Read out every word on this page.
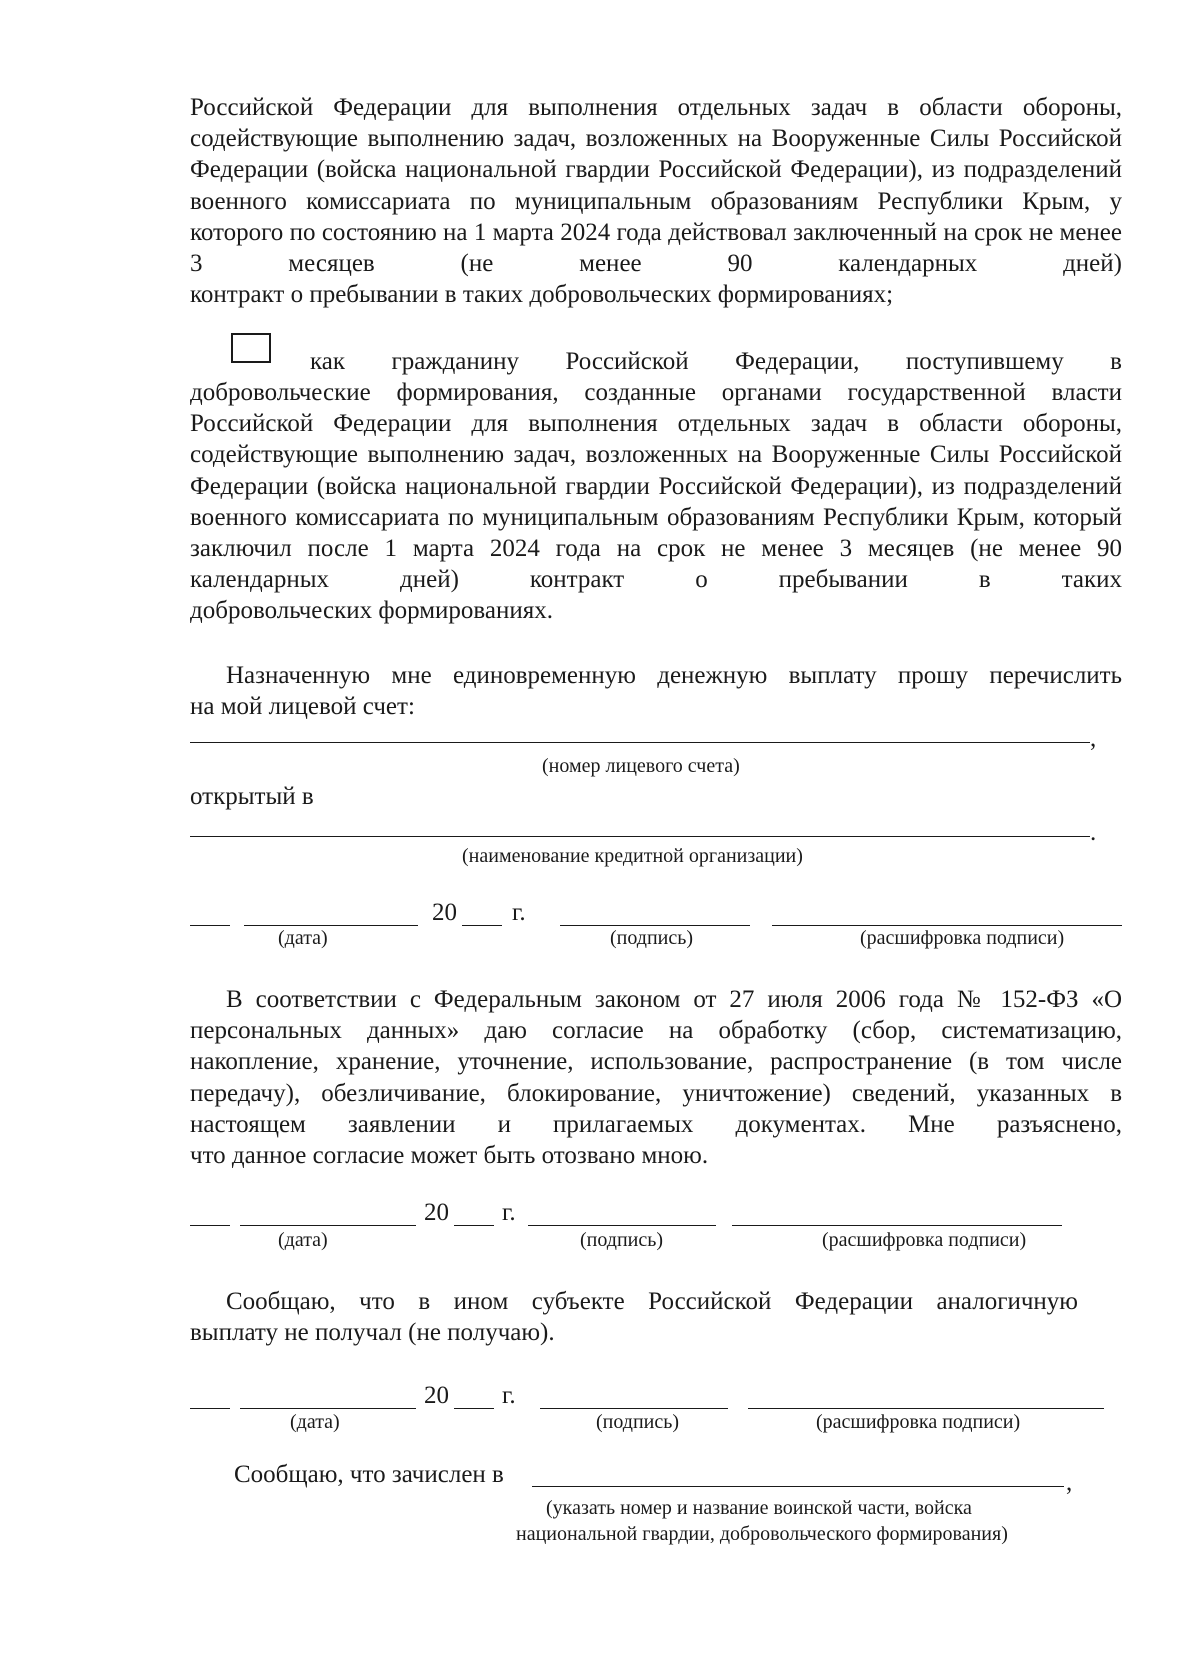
Российской Федерации для выполнения отдельных задач в области обороны, содействующие выполнению задач, возложенных на Вооруженные Силы Российской Федерации (войска национальной гвардии Российской Федерации), из подразделений военного комиссариата по муниципальным образованиям Республики Крым, у которого по состоянию на 1 марта 2024 года действовал заключенный на срок не менее 3 месяцев (не менее 90 календарных дней)
контракт о пребывании в таких добровольческих формированиях;
как гражданину Российской Федерации, поступившему в
добровольческие формирования, созданные органами государственной власти Российской Федерации для выполнения отдельных задач в области обороны, содействующие выполнению задач, возложенных на Вооруженные Силы Российской Федерации (войска национальной гвардии Российской Федерации), из подразделений военного комиссариата по муниципальным образованиям Республики Крым, который заключил после 1 марта 2024 года на срок не менее 3 месяцев (не менее 90 календарных дней) контракт о пребывании в таких
добровольческих формированиях.
Назначенную мне единовременную денежную выплату прошу перечислить
на мой лицевой счет:
,
(номер лицевого счета)
открытый в
.
(наименование кредитной организации)
20 г.
(дата)	(подпись)	(расшифровка подписи)
В соответствии с Федеральным законом от 27 июля 2006 года № 152-ФЗ «О персональных данных» даю согласие на обработку (сбор, систематизацию, накопление, хранение, уточнение, использование, распространение (в том числе передачу), обезличивание, блокирование, уничтожение) сведений, указанных в настоящем заявлении и прилагаемых документах. Мне разъяснено,
что данное согласие может быть отозвано мною.
20 г.
(дата)	(подпись)	(расшифровка подписи)
Сообщаю, что в ином субъекте Российской Федерации аналогичную
выплату не получал (не получаю).
20 г.
(дата)	(подпись)	(расшифровка подписи)
Сообщаю, что зачислен в	,
(указать номер и название воинской части, войска
национальной гвардии, добровольческого формирования)
